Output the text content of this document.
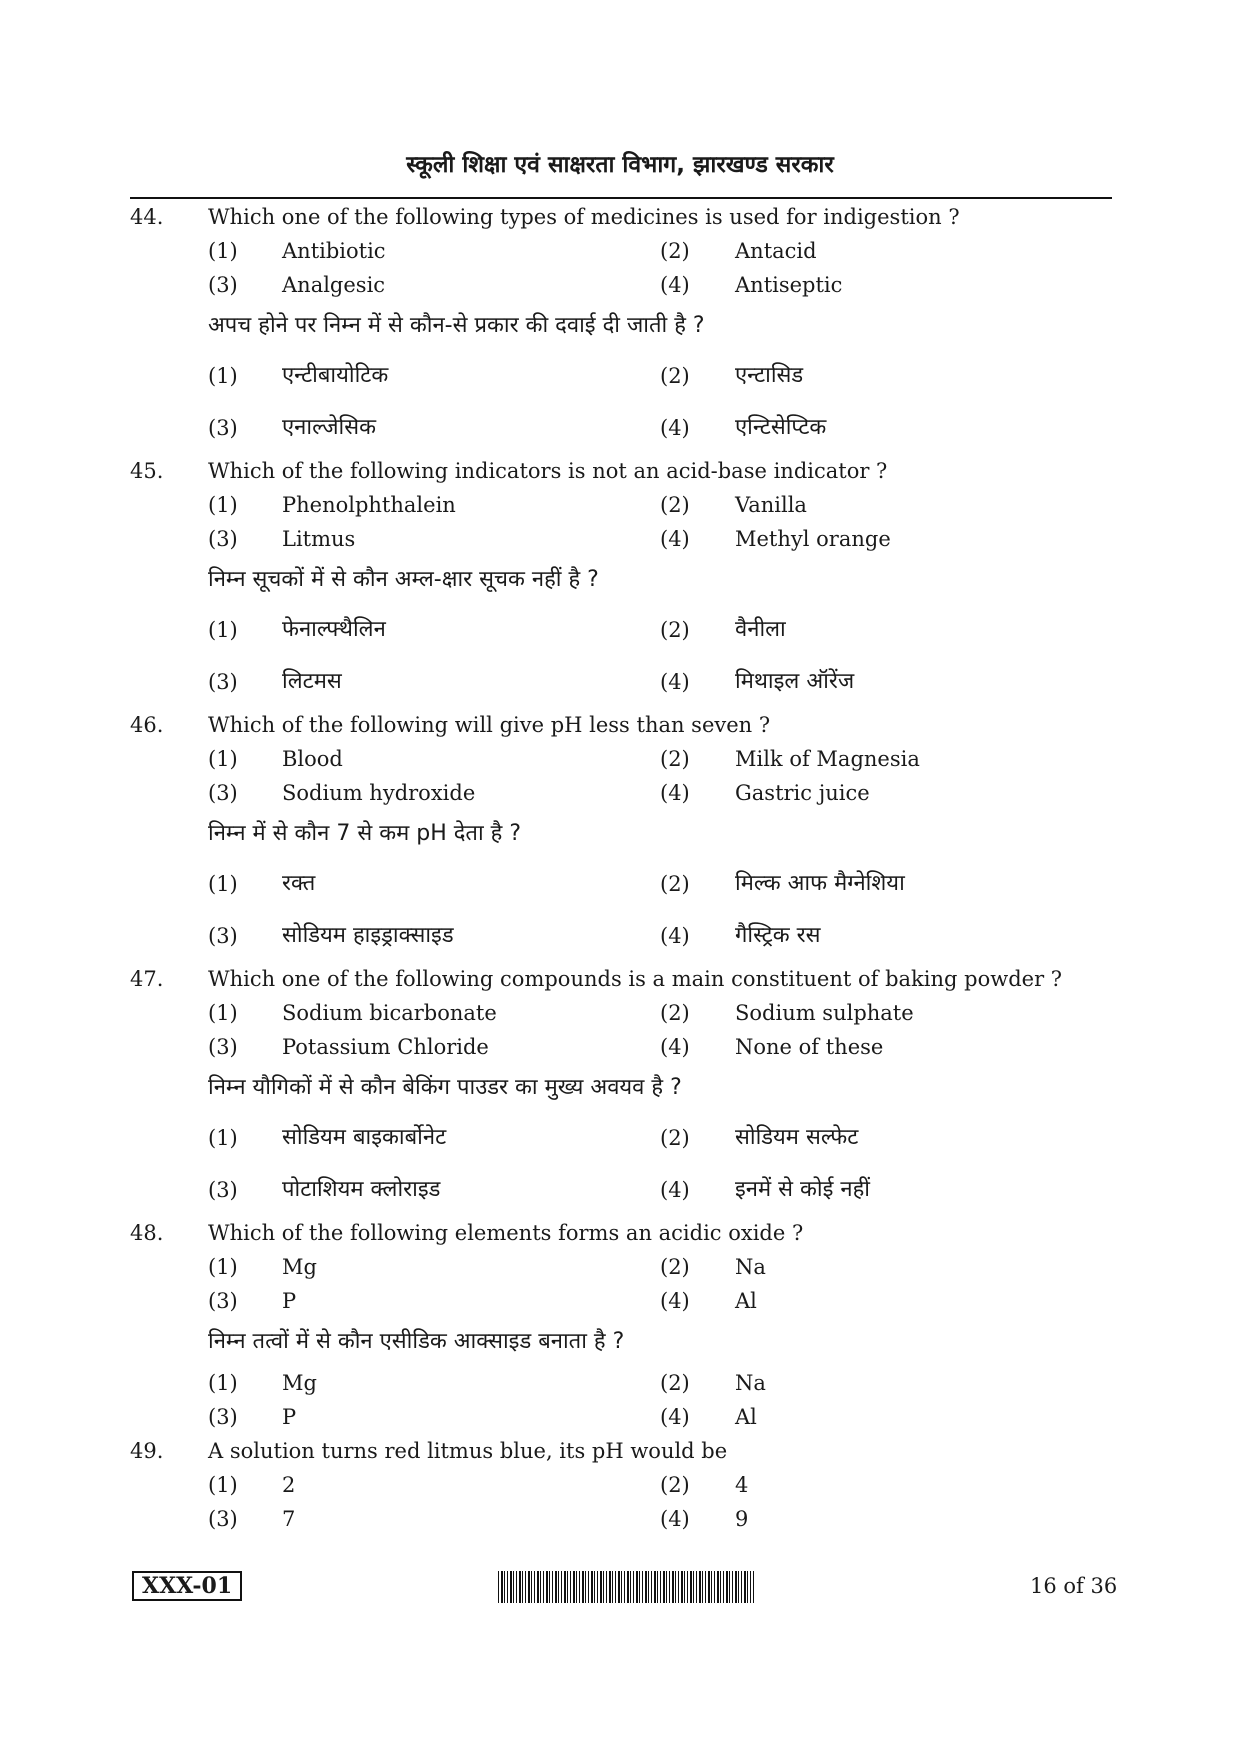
स्कूली शिक्षा एवं साक्षरता विभाग, झारखण्ड सरकार
44. Which one of the following types of medicines is used for indigestion ?
(1) Antibiotic	(2) Antacid
(3) Analgesic	(4) Antiseptic
अपच होने पर निम्न में से कौन-से प्रकार की दवाई दी जाती है ?
(1) एन्टीबायोटिक	(2) एन्टासिड
(3) एनाल्जेसिक	(4) एन्टिसेप्टिक
45. Which of the following indicators is not an acid-base indicator ?
(1) Phenolphthalein	(2) Vanilla
(3) Litmus	(4) Methyl orange
निम्न सूचकों में से कौन अम्ल-क्षार सूचक नहीं है ?
(1) फेनाल्फ्थैलिन	(2) वैनीला
(3) लिटमस	(4) मिथाइल ऑरेंज
46. Which of the following will give pH less than seven ?
(1) Blood	(2) Milk of Magnesia
(3) Sodium hydroxide	(4) Gastric juice
निम्न में से कौन 7 से कम pH देता है ?
(1) रक्त	(2) मिल्क आफ मैग्नेशिया
(3) सोडियम हाइड्राक्साइड	(4) गैस्ट्रिक रस
47. Which one of the following compounds is a main constituent of baking powder ?
(1) Sodium bicarbonate	(2) Sodium sulphate
(3) Potassium Chloride	(4) None of these
निम्न यौगिकों में से कौन बेकिंग पाउडर का मुख्य अवयव है ?
(1) सोडियम बाइकार्बोनेट	(2) सोडियम सल्फेट
(3) पोटाशियम क्लोराइड	(4) इनमें से कोई नहीं
48. Which of the following elements forms an acidic oxide ?
(1) Mg	(2) Na
(3) P	(4) Al
निम्न तत्वों में से कौन एसीडिक आक्साइड बनाता है ?
(1) Mg	(2) Na
(3) P	(4) Al
49. A solution turns red litmus blue, its pH would be
(1) 2	(2) 4
(3) 7	(4) 9
XXX-01	16 of 36
